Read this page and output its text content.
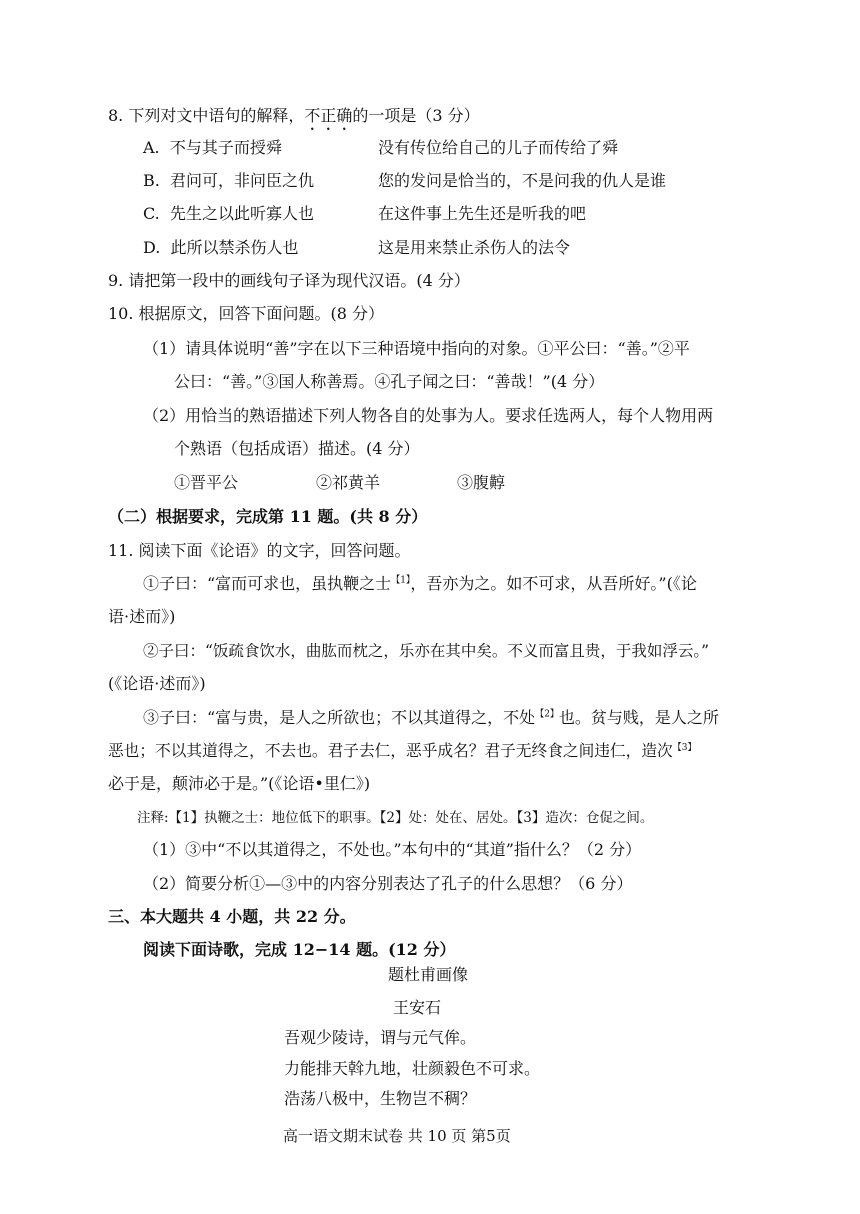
8. 下列对文中语句的解释，不正确的一项是（3 分）
A. 不与其子而授舜	没有传位给自己的儿子而传给了舜
B. 君问可，非问臣之仇	您的发问是恰当的，不是问我的仇人是谁
C. 先生之以此听寡人也	在这件事上先生还是听我的吧
D. 此所以禁杀伤人也	这是用来禁止杀伤人的法令
9. 请把第一段中的画线句子译为现代汉语。(4 分）
10. 根据原文，回答下面问题。(8 分）
（1）请具体说明“善”字在以下三种语境中指向的对象。①平公曰：“善。”②平
公曰：“善。”③国人称善焉。④孔子闻之曰：“善哉！”(4 分）
（2）用恰当的熟语描述下列人物各自的处事为人。要求任选两人，每个人物用两
个熟语（包括成语）描述。(4 分）
①晋平公	②祁黄羊	③腹䵍
（二）根据要求，完成第 11 题。(共 8 分）
11. 阅读下面《论语》的文字，回答问题。
①子曰：“富而可求也，虽执鞭之士$^{【1】}$，吾亦为之。如不可求，从吾所好。”(《论
语·述而》)
②子曰：“饭疏食饮水，曲肱而枕之，乐亦在其中矣。不义而富且贵，于我如浮云。”
(《论语·述而》)
③子曰：“富与贵，是人之所欲也；不以其道得之，不处$^{【2】}$也。贫与贱，是人之所
恶也；不以其道得之，不去也。君子去仁，恶乎成名？君子无终食之间违仁，造次$^{【3】}$
必于是，颠沛必于是。”(《论语•里仁》)
注释:【1】执鞭之士：地位低下的职事。【2】处：处在、居处。【3】造次：仓促之间。
（1）③中“不以其道得之，不处也。”本句中的“其道”指什么？（2 分）
（2）简要分析①—③中的内容分别表达了孔子的什么思想？（6 分）
三、本大题共 4 小题，共 22 分。
阅读下面诗歌，完成 12−14 题。(12 分）
题杜甫画像
王安石
吾观少陵诗，谓与元气侔。
力能排天斡九地，壮颜毅色不可求。
浩荡八极中，生物岂不稠？
高一语文期末试卷 共 10 页 第5页
